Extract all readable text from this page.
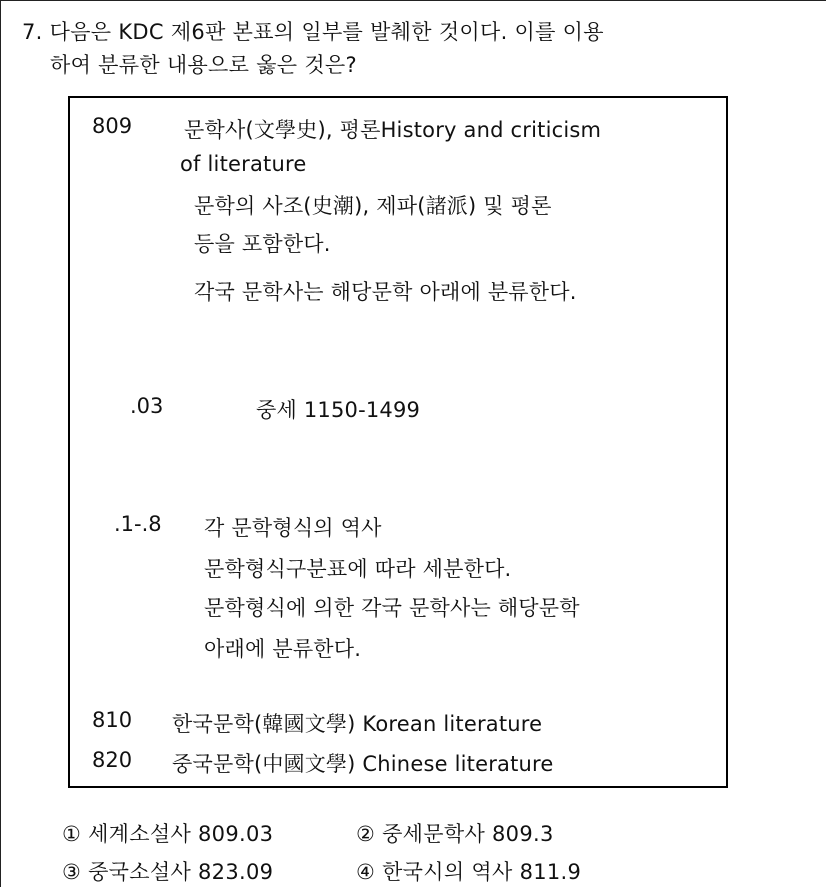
7. 다음은 KDC 제6판 본표의 일부를 발췌한 것이다. 이를 이용
하여 분류한 내용으로 옳은 것은?
809 문학사(文學史), 평론History and criticism
of literature
문학의 사조(史潮), 제파(諸派) 및 평론
등을 포함한다.
각국 문학사는 해당문학 아래에 분류한다.
.03	중세 1150-1499
.1-.8 각 문학형식의 역사
문학형식구분표에 따라 세분한다.
문학형식에 의한 각국 문학사는 해당문학
아래에 분류한다.
810 한국문학(韓國文學) Korean literature
820 중국문학(中國文學) Chinese literature
① 세계소설사 809.03	② 중세문학사 809.3
③ 중국소설사 823.09	④ 한국시의 역사 811.9
